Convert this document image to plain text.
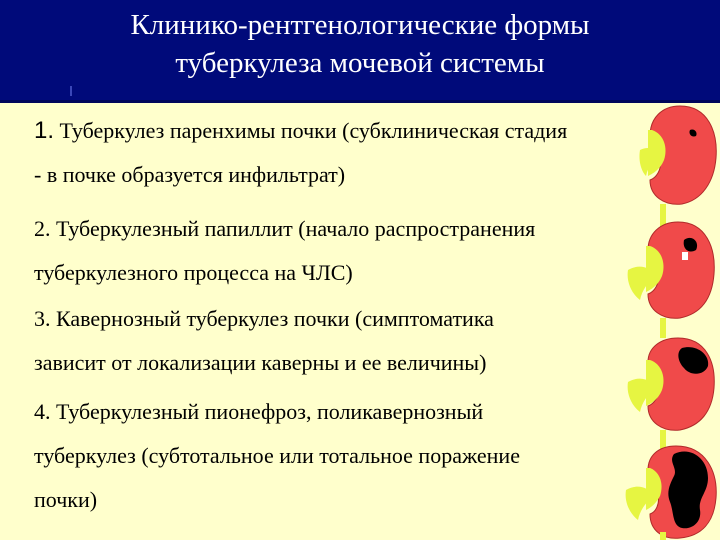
Клинико-рентгенологические формы
туберкулеза мочевой системы
1. Туберкулез паренхимы почки (субклиническая стадия
- в почке образуется инфильтрат)
2. Туберкулезный папиллит (начало распространения
туберкулезного процесса на ЧЛС)
3. Кавернозный туберкулез почки (симптоматика
зависит от локализации каверны и ее величины)
4. Туберкулезный пионефроз, поликавернозный
туберкулез (субтотальное или тотальное поражение
почки)
